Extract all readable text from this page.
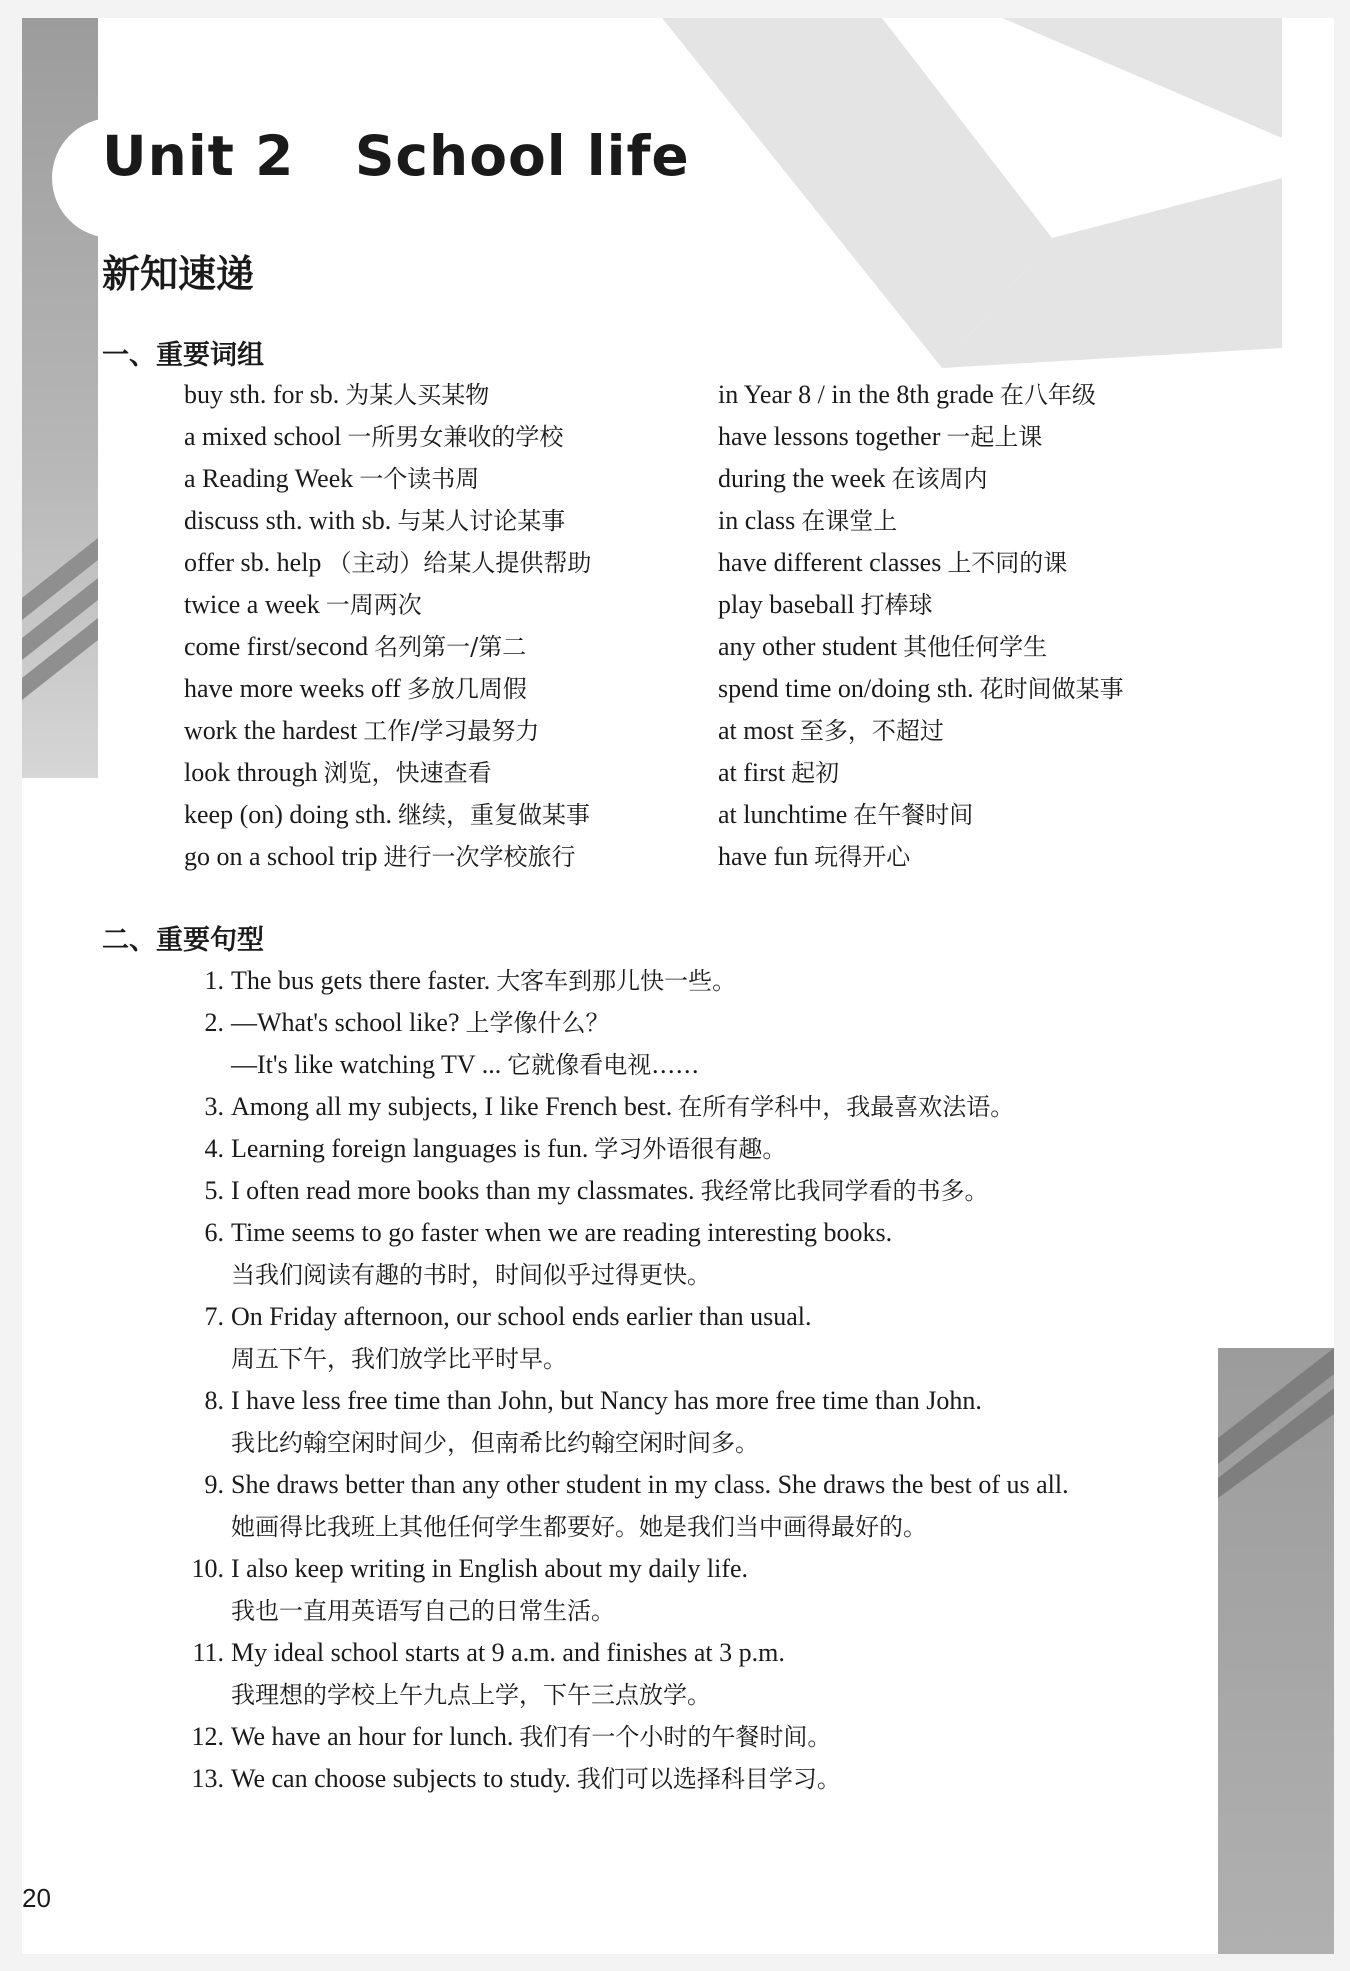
20
Unit 2   School life
新知速递
一、重要词组
buy sth. for sb. 为某人买某物
a mixed school 一所男女兼收的学校
a Reading Week 一个读书周
discuss sth. with sb. 与某人讨论某事
offer sb. help （主动）给某人提供帮助
twice a week 一周两次
come first/second 名列第一/第二
have more weeks off 多放几周假
work the hardest 工作/学习最努力
look through 浏览，快速查看
keep (on) doing sth. 继续，重复做某事
go on a school trip 进行一次学校旅行
in Year 8 / in the 8th grade 在八年级
have lessons together 一起上课
during the week 在该周内
in class 在课堂上
have different classes 上不同的课
play baseball 打棒球
any other student 其他任何学生
spend time on/doing sth. 花时间做某事
at most 至多，不超过
at first 起初
at lunchtime 在午餐时间
have fun 玩得开心
二、重要句型
1. The bus gets there faster. 大客车到那儿快一些。
2. —What's school like? 上学像什么？
—It's like watching TV ... 它就像看电视……
3. Among all my subjects, I like French best. 在所有学科中，我最喜欢法语。
4. Learning foreign languages is fun. 学习外语很有趣。
5. I often read more books than my classmates. 我经常比我同学看的书多。
6. Time seems to go faster when we are reading interesting books.
当我们阅读有趣的书时，时间似乎过得更快。
7. On Friday afternoon, our school ends earlier than usual.
周五下午，我们放学比平时早。
8. I have less free time than John, but Nancy has more free time than John.
我比约翰空闲时间少，但南希比约翰空闲时间多。
9. She draws better than any other student in my class. She draws the best of us all.
她画得比我班上其他任何学生都要好。她是我们当中画得最好的。
10. I also keep writing in English about my daily life.
我也一直用英语写自己的日常生活。
11. My ideal school starts at 9 a.m. and finishes at 3 p.m.
我理想的学校上午九点上学，下午三点放学。
12. We have an hour for lunch. 我们有一个小时的午餐时间。
13. We can choose subjects to study. 我们可以选择科目学习。
